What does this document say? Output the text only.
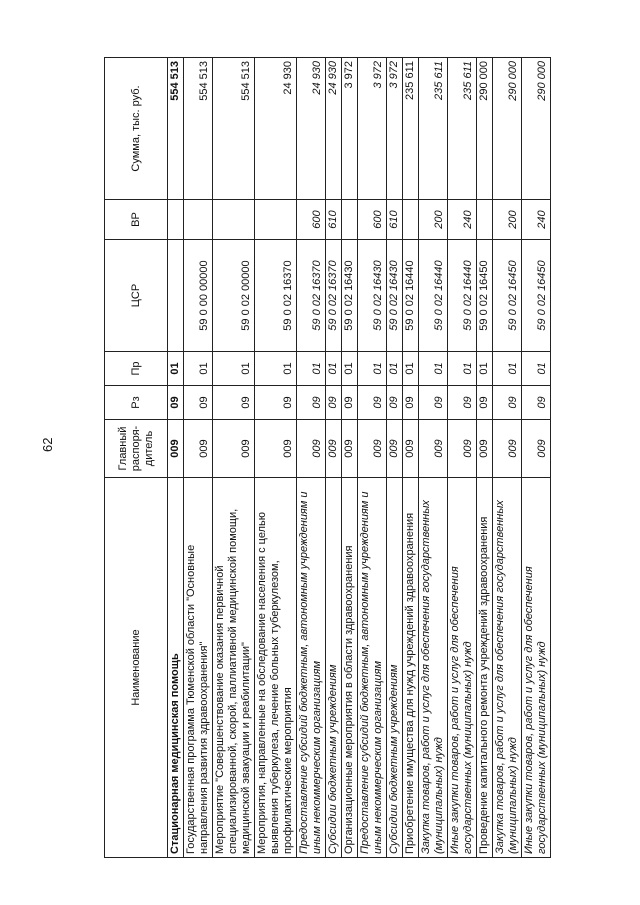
62
Наименование	Главный распоря-дитель	Рз	Пр	ЦСР	ВР	Сумма, тыс. руб.
Стационарная медицинская помощь	009	09	01			554 513
Государственная программа Тюменской области "Основные направления развития здравоохранения"	009	09	01	59 0 00 00000		554 513
Мероприятие "Совершенствование оказания первичной специализированной, скорой, паллиативной медицинской помощи, медицинской эвакуации и реабилитации"	009	09	01	59 0 02 00000		554 513
Мероприятия, направленные на обследование населения с целью выявления туберкулеза, лечение больных туберкулезом, профилактические мероприятия	009	09	01	59 0 02 16370		24 930
Предоставление субсидий бюджетным, автономным учреждениям и иным некоммерческим организациям	009	09	01	59 0 02 16370	600	24 930
Субсидии бюджетным учреждениям	009	09	01	59 0 02 16370	610	24 930
Организационные мероприятия в области здравоохранения	009	09	01	59 0 02 16430		3 972
Предоставление субсидий бюджетным, автономным учреждениям и иным некоммерческим организациям	009	09	01	59 0 02 16430	600	3 972
Субсидии бюджетным учреждениям	009	09	01	59 0 02 16430	610	3 972
Приобретение имущества для нужд учреждений здравоохранения	009	09	01	59 0 02 16440		235 611
Закупка товаров, работ и услуг для обеспечения государственных (муниципальных) нужд	009	09	01	59 0 02 16440	200	235 611
Иные закупки товаров, работ и услуг для обеспечения государственных (муниципальных) нужд	009	09	01	59 0 02 16440	240	235 611
Проведение капитального ремонта учреждений здравоохранения	009	09	01	59 0 02 16450		290 000
Закупка товаров, работ и услуг для обеспечения государственных (муниципальных) нужд	009	09	01	59 0 02 16450	200	290 000
Иные закупки товаров, работ и услуг для обеспечения государственных (муниципальных) нужд	009	09	01	59 0 02 16450	240	290 000
